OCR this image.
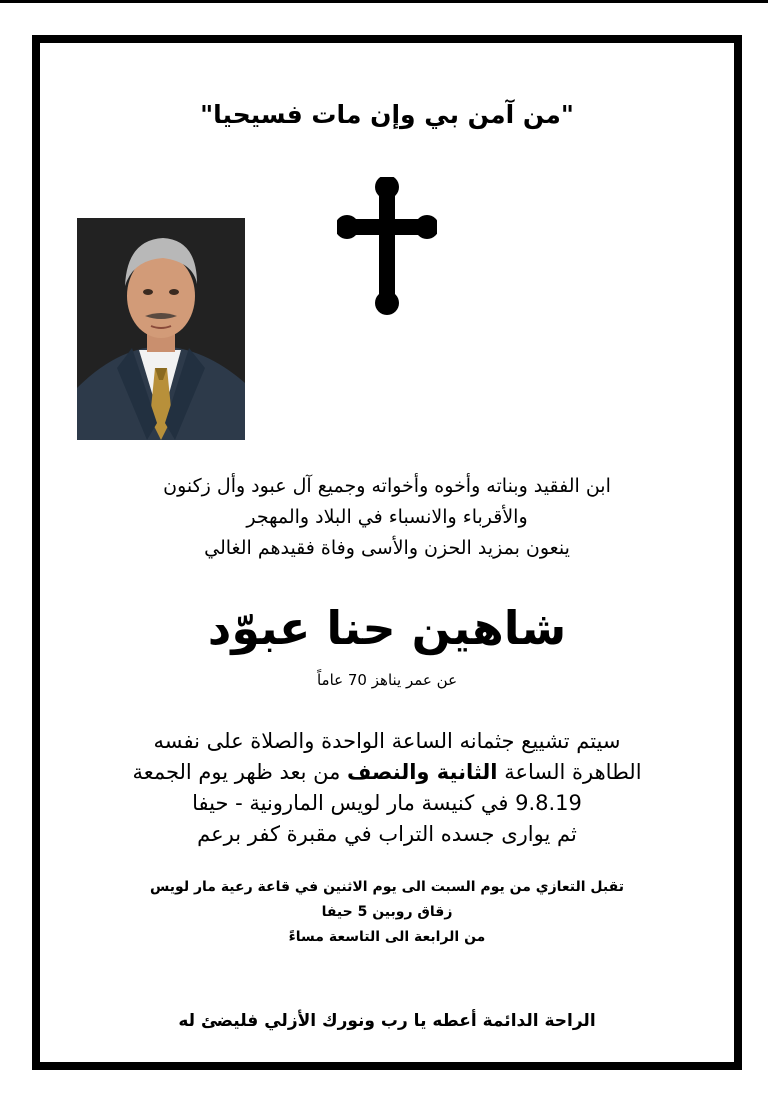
"من آمن بي وإن مات فسيحيا"
ابن الفقيد وبناته وأخوه وأخواته وجميع آل عبود وأل زكنون
والأقرباء والانسباء في البلاد والمهجر
ينعون بمزيد الحزن والأسى وفاة فقيدهم الغالي
شاهين حنا عبوّد
عن عمر يناهز 70 عاماً
سيتم تشييع جثمانه الساعة الواحدة والصلاة على نفسه
الطاهرة الساعة الثانية والنصف من بعد ظهر يوم الجمعة
9.8.19 في كنيسة مار لويس المارونية - حيفا
ثم يوارى جسده التراب في مقبرة كفر برعم
تقبل التعازي من يوم السبت الى يوم الاثنين في قاعة رعية مار لويس
زقاق روبين 5 حيفا
من الرابعة الى التاسعة مساءً
الراحة الدائمة أعطه يا رب ونورك الأزلي فليضئ له
